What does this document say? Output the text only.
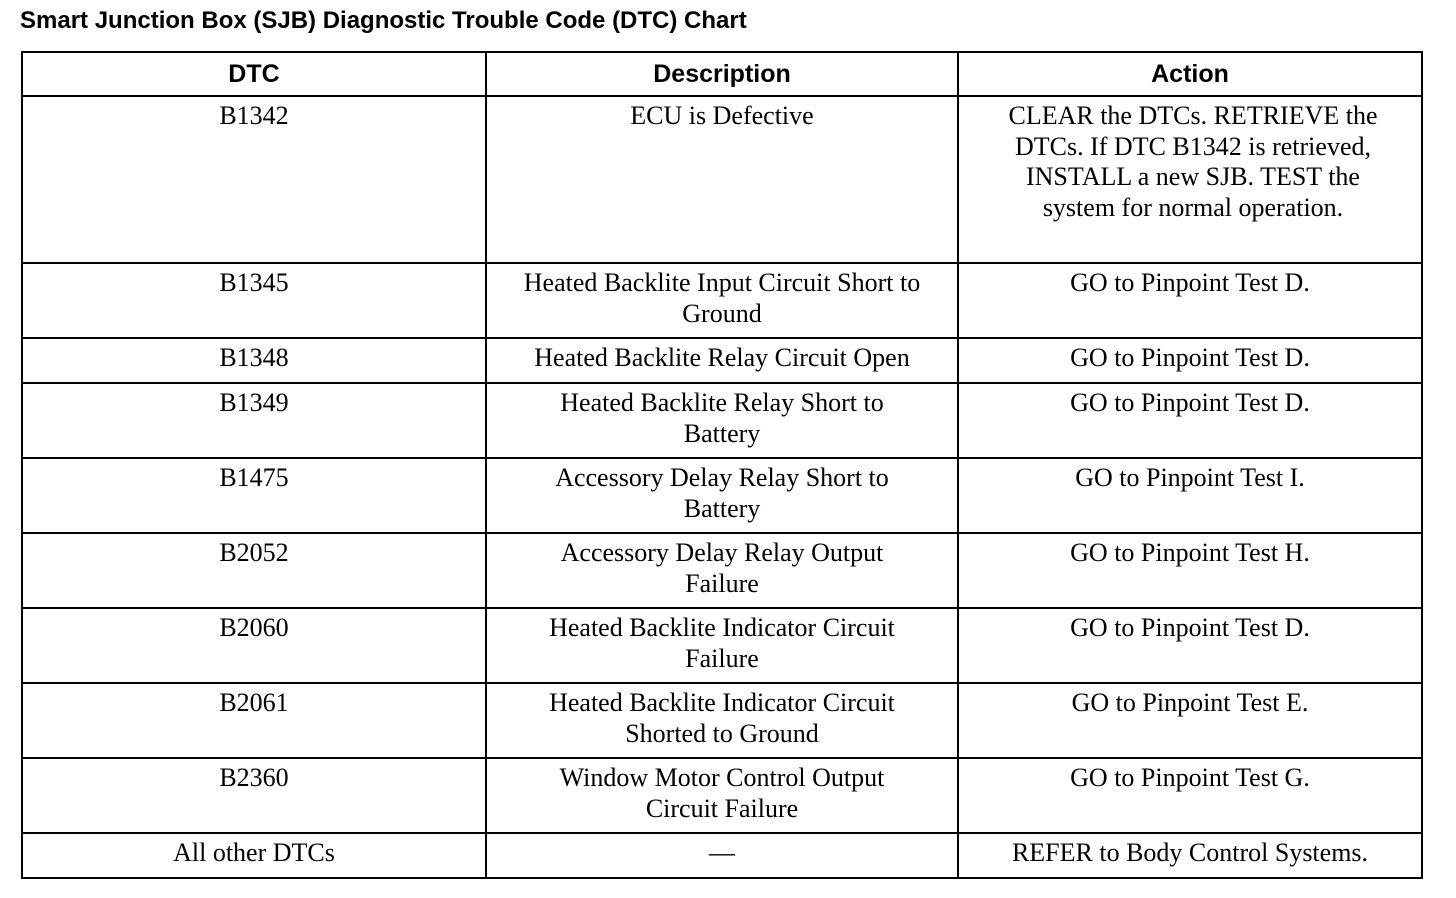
Smart Junction Box (SJB) Diagnostic Trouble Code (DTC) Chart
DTC	Description	Action
B1342	ECU is Defective	CLEAR the DTCs. RETRIEVE the DTCs. If DTC B1342 is retrieved, INSTALL a new SJB. TEST the system for normal operation.
B1345	Heated Backlite Input Circuit Short to Ground	GO to Pinpoint Test D.
B1348	Heated Backlite Relay Circuit Open	GO to Pinpoint Test D.
B1349	Heated Backlite Relay Short to Battery	GO to Pinpoint Test D.
B1475	Accessory Delay Relay Short to Battery	GO to Pinpoint Test I.
B2052	Accessory Delay Relay Output Failure	GO to Pinpoint Test H.
B2060	Heated Backlite Indicator Circuit Failure	GO to Pinpoint Test D.
B2061	Heated Backlite Indicator Circuit Shorted to Ground	GO to Pinpoint Test E.
B2360	Window Motor Control Output Circuit Failure	GO to Pinpoint Test G.
All other DTCs	—	REFER to Body Control Systems.
